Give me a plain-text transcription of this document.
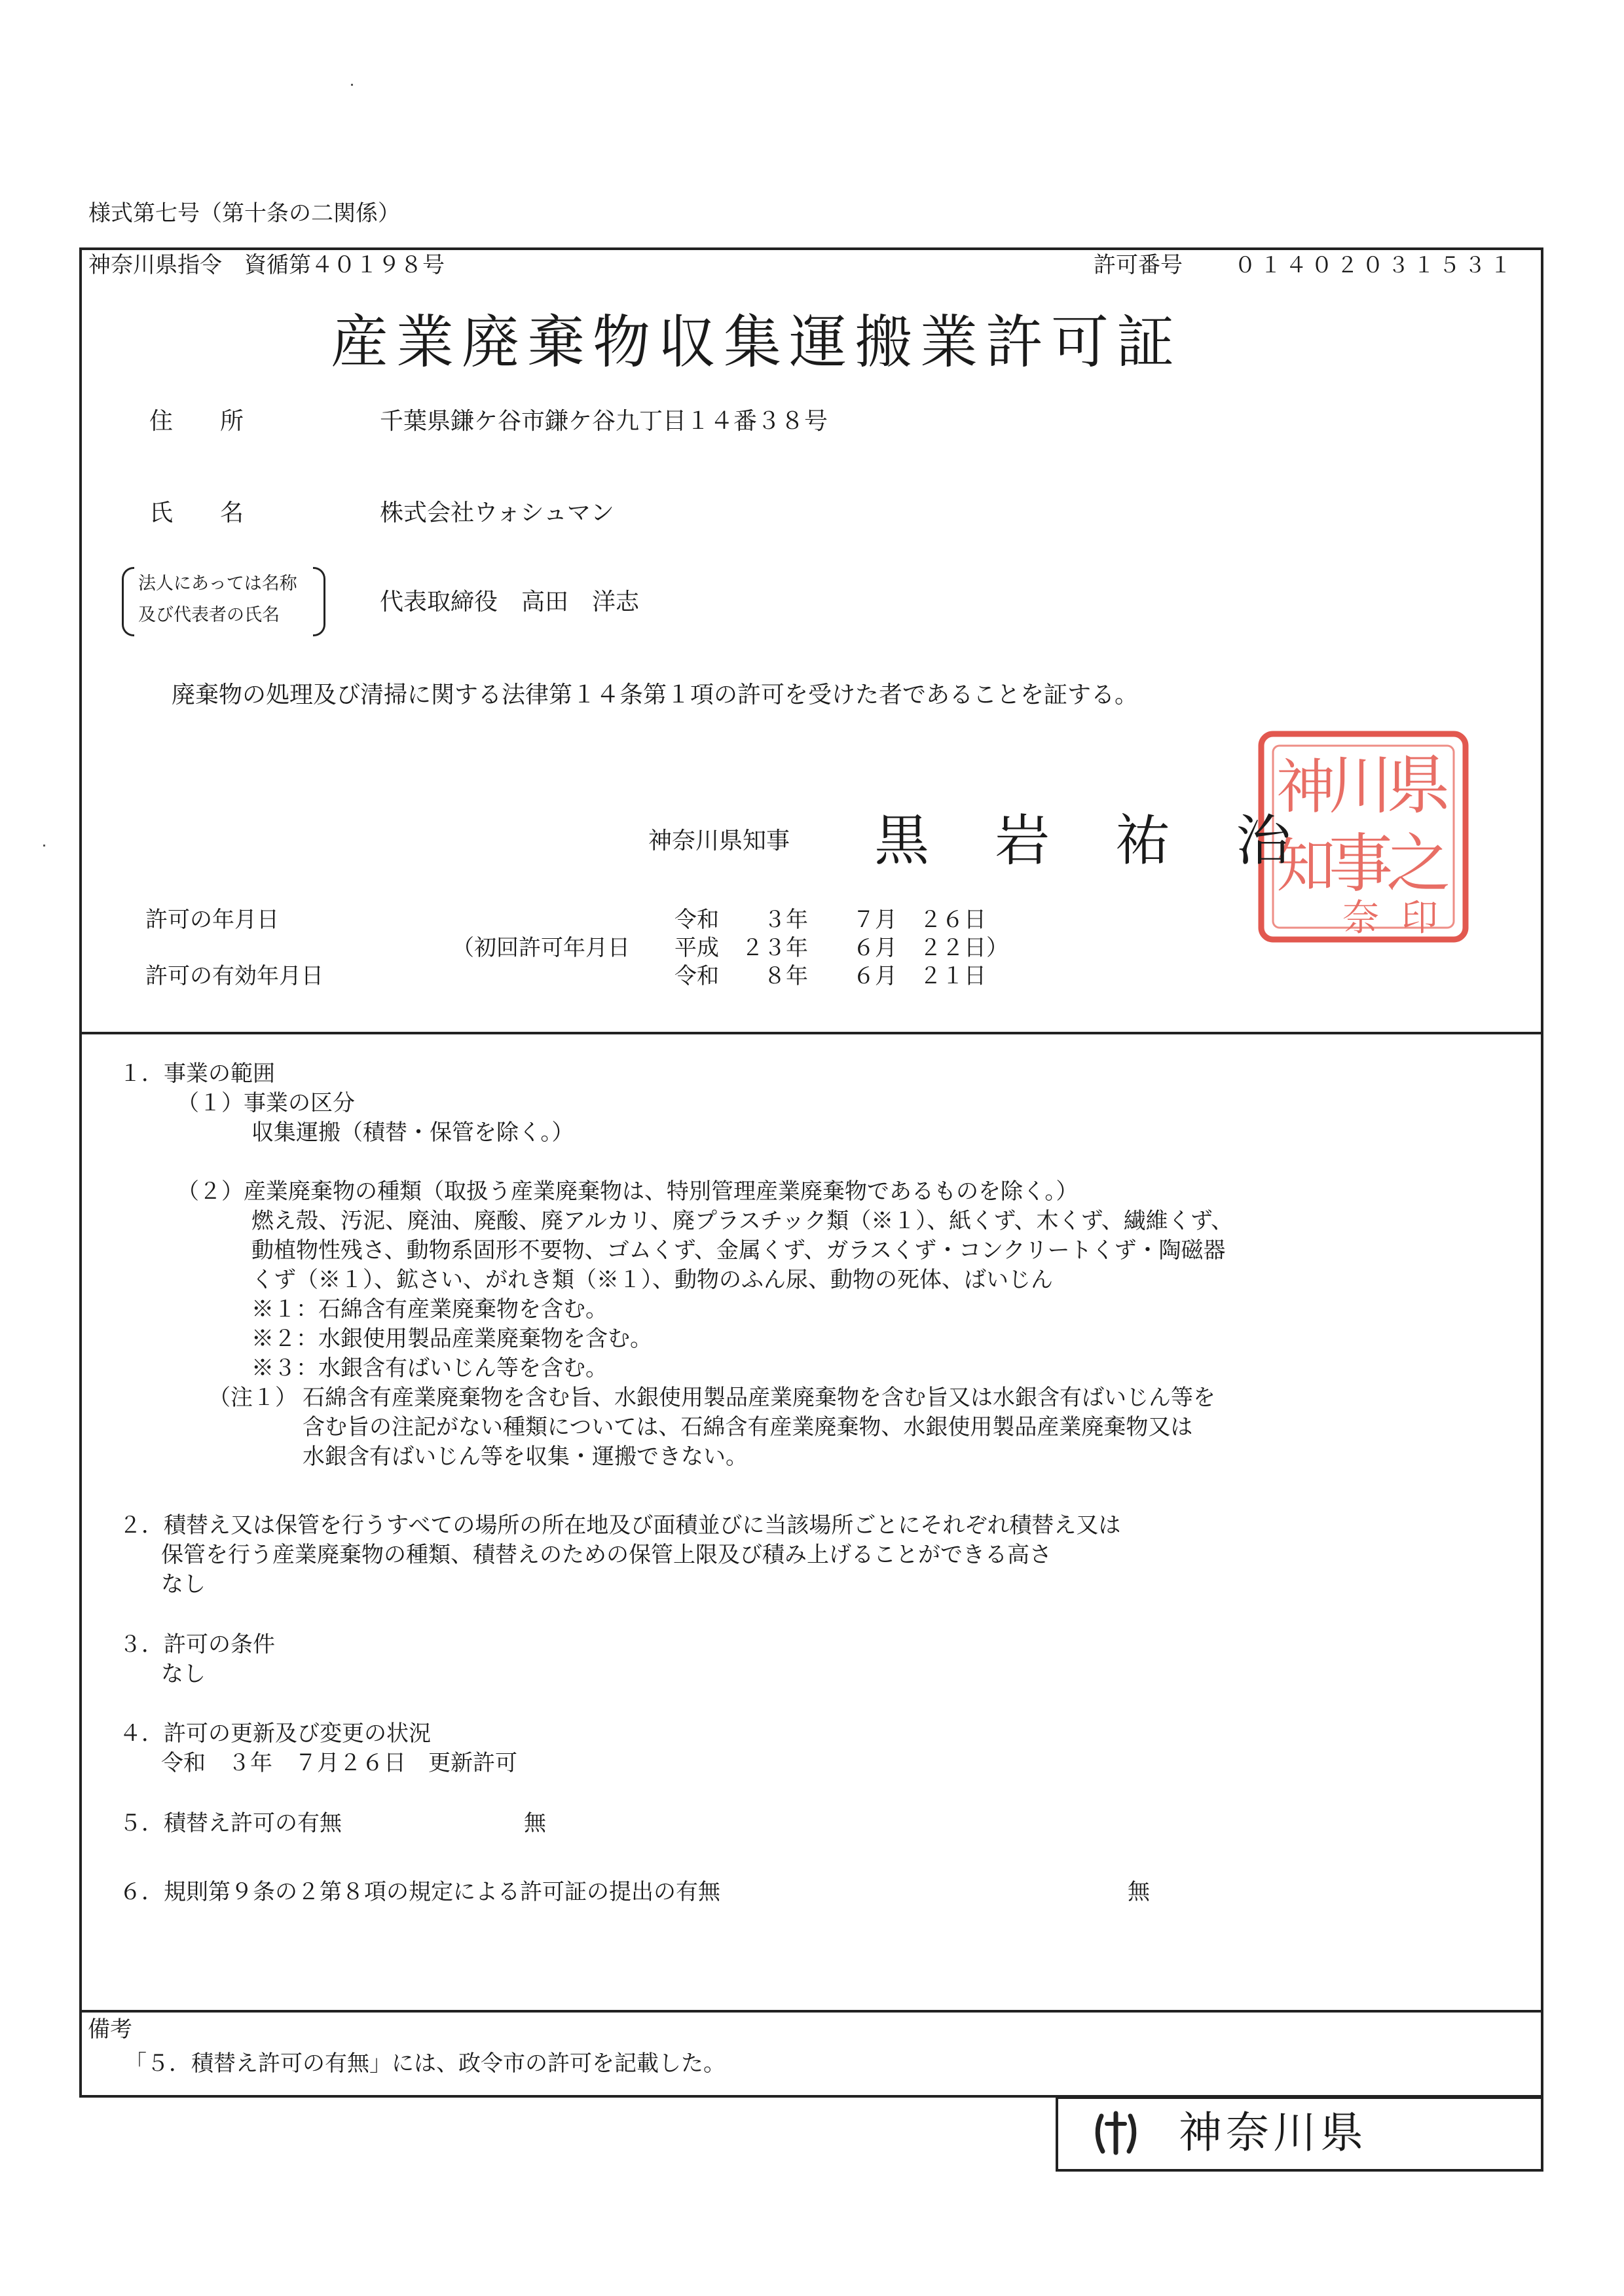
様式第七号（第十条の二関係）
神奈川県指令　資循第４０１９８号	許可番号 ０１４０２０３１５３１
産業廃棄物収集運搬業許可証
住　　所	千葉県鎌ケ谷市鎌ケ谷九丁目１４番３８号
氏　　名	株式会社ウォシュマン
法人にあっては名称
及び代表者の氏名	代表取締役　高田　洋志
廃棄物の処理及び清掃に関する法律第１４条第１項の許可を受けた者であることを証する。
県
之
川
事
神
知
印
奈
神奈川県知事 黒　岩　祐　治
許可の年月日	令和　　３年　　７月　２６日
（初回許可年月日 平成　２３年　　６月　２２日）
許可の有効年月日	令和　　８年　　６月　２１日
１．事業の範囲
（１）事業の区分
収集運搬（積替・保管を除く。）
（２）産業廃棄物の種類（取扱う産業廃棄物は、特別管理産業廃棄物であるものを除く。）
燃え殻、汚泥、廃油、廃酸、廃アルカリ、廃プラスチック類（※１）、紙くず、木くず、繊維くず、
動植物性残さ、動物系固形不要物、ゴムくず、金属くず、ガラスくず・コンクリートくず・陶磁器
くず（※１）、鉱さい、がれき類（※１）、動物のふん尿、動物の死体、ばいじん
※１：石綿含有産業廃棄物を含む。
※２：水銀使用製品産業廃棄物を含む。
※３：水銀含有ばいじん等を含む。
（注１） 石綿含有産業廃棄物を含む旨、水銀使用製品産業廃棄物を含む旨又は水銀含有ばいじん等を
含む旨の注記がない種類については、石綿含有産業廃棄物、水銀使用製品産業廃棄物又は
水銀含有ばいじん等を収集・運搬できない。
２．積替え又は保管を行うすべての場所の所在地及び面積並びに当該場所ごとにそれぞれ積替え又は
保管を行う産業廃棄物の種類、積替えのための保管上限及び積み上げることができる高さ
なし
３．許可の条件
なし
４．許可の更新及び変更の状況
令和　３年　７月２６日　更新許可
５．積替え許可の有無	無
６．規則第９条の２第８項の規定による許可証の提出の有無	無
備考
「５．積替え許可の有無」には、政令市の許可を記載した。
神奈川県
